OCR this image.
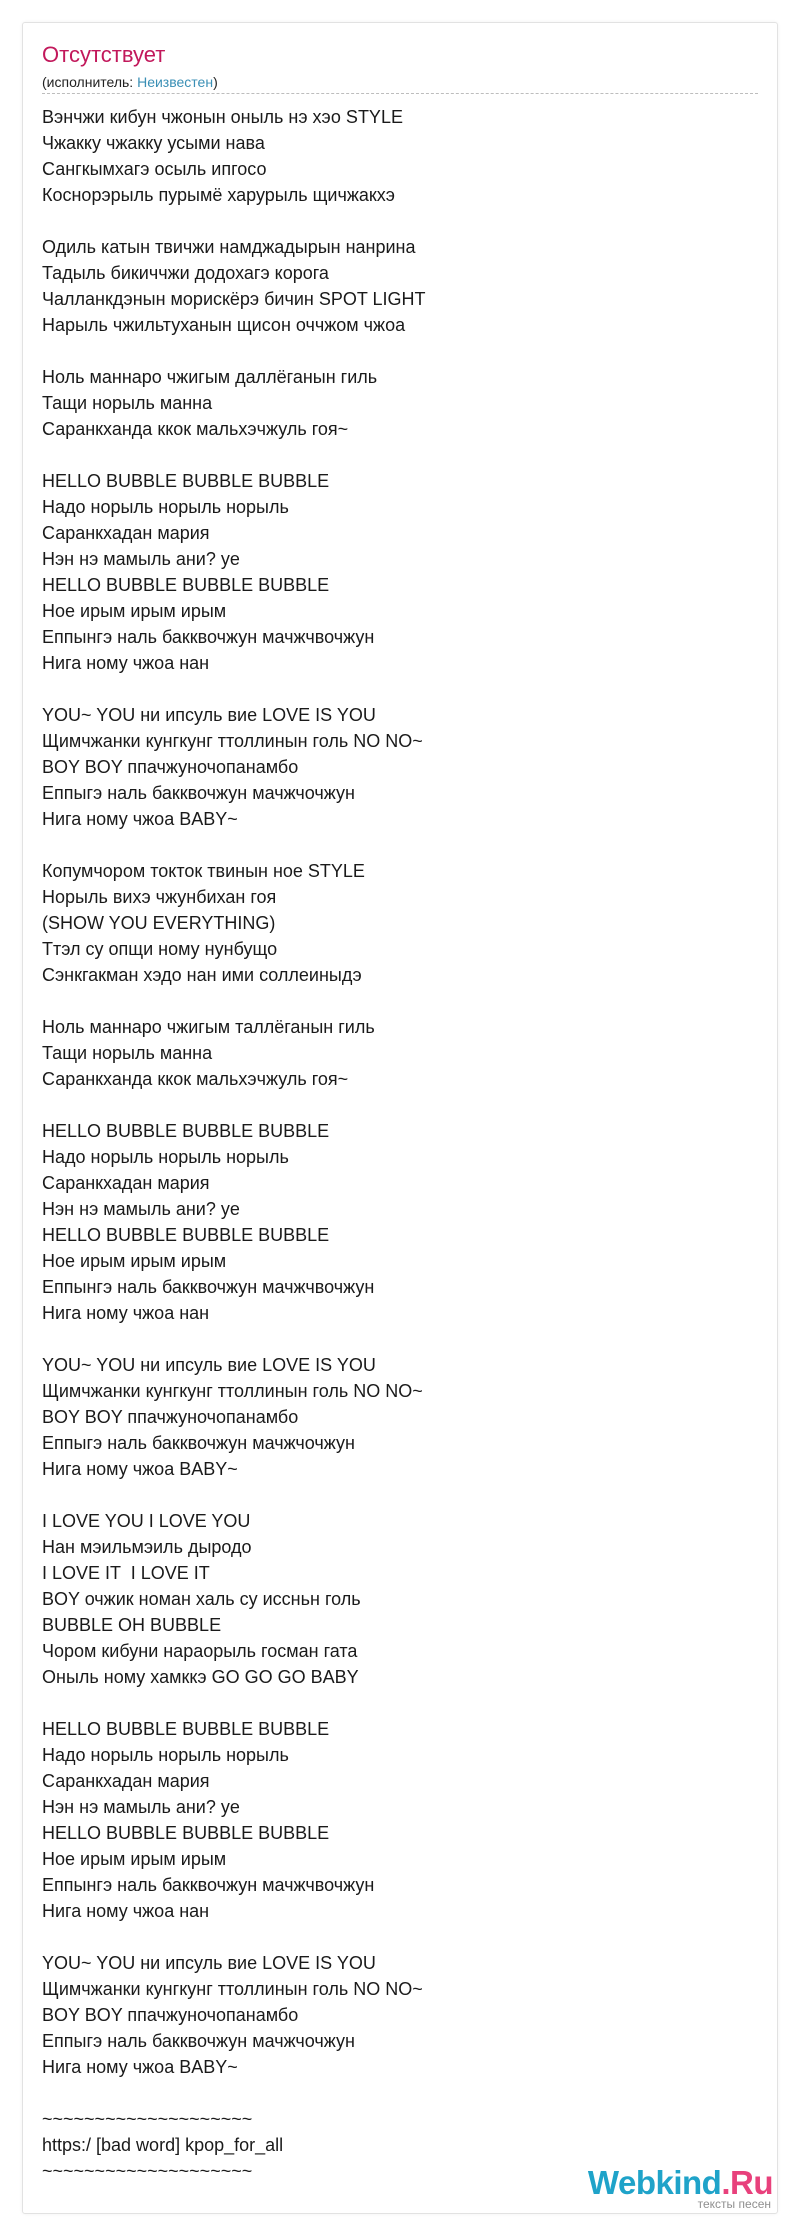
Отсутствует
(исполнитель: Неизвестен)
Вэнчжи кибун чжонын оныль нэ хэо STYLE
Чжакку чжакку усыми нава
Сангкымхагэ осыль ипгосо
Коснорэрыль пурымё харурыль щичжакхэ
Одиль катын твичжи намджадырын нанрина
Тадыль бикиччжи додохагэ корога
Чалланкдэнын морискёрэ бичин SPOT LIGHT
Нарыль чжильтуханын щисон оччжом чжоа
Ноль маннаро чжигым даллёганын гиль
Тащи норыль манна
Саранкханда ккок мальхэчжуль гоя~
HELLO BUBBLE BUBBLE BUBBLE
Надо норыль норыль норыль
Саранкхадан мария
Нэн нэ мамыль ани? ye
HELLO BUBBLE BUBBLE BUBBLE
Ное ирым ирым ирым
Еппынгэ наль бакквочжун мачжчвочжун
Нига ному чжоа нан
YOU~ YOU ни ипсуль вие LOVE IS YOU
Щимчжанки кунгкунг ттоллинын голь NO NO~
BOY BOY ппачжуночопанамбо
Еппыгэ наль бакквочжун мачжчочжун
Нига ному чжоа BABY~
Копумчором токток твинын ное STYLE
Норыль вихэ чжунбихан гоя
(SHOW YOU EVERYTHING)
Ттэл су опщи ному нунбущо
Сэнкгакман хэдо нан ими соллеиныдэ
Ноль маннаро чжигым таллёганын гиль
Тащи норыль манна
Саранкханда ккок мальхэчжуль гоя~
HELLO BUBBLE BUBBLE BUBBLE
Надо норыль норыль норыль
Саранкхадан мария
Нэн нэ мамыль ани? ye
HELLO BUBBLE BUBBLE BUBBLE
Ное ирым ирым ирым
Еппынгэ наль бакквочжун мачжчвочжун
Нига ному чжоа нан
YOU~ YOU ни ипсуль вие LOVE IS YOU
Щимчжанки кунгкунг ттоллинын голь NO NO~
BOY BOY ппачжуночопанамбо
Еппыгэ наль бакквочжун мачжчочжун
Нига ному чжоа BABY~
I LOVE YOU I LOVE YOU
Нан мэильмэиль дыродо
I LOVE IT  I LOVE IT
BOY очжик номан халь су иссньн голь
BUBBLE OH BUBBLE
Чором кибуни нараорыль госман гата
Оныль ному хамккэ GO GO GO BABY
HELLO BUBBLE BUBBLE BUBBLE
Надо норыль норыль норыль
Саранкхадан мария
Нэн нэ мамыль ани? ye
HELLO BUBBLE BUBBLE BUBBLE
Ное ирым ирым ирым
Еппынгэ наль бакквочжун мачжчвочжун
Нига ному чжоа нан
YOU~ YOU ни ипсуль вие LOVE IS YOU
Щимчжанки кунгкунг ттоллинын голь NO NO~
BOY BOY ппачжуночопанамбо
Еппыгэ наль бакквочжун мачжчочжун
Нига ному чжоа BABY~
~~~~~~~~~~~~~~~~~~~~
https:/ [bad word] kpop_for_all
~~~~~~~~~~~~~~~~~~~~	Webkind.Ru
тексты песен
